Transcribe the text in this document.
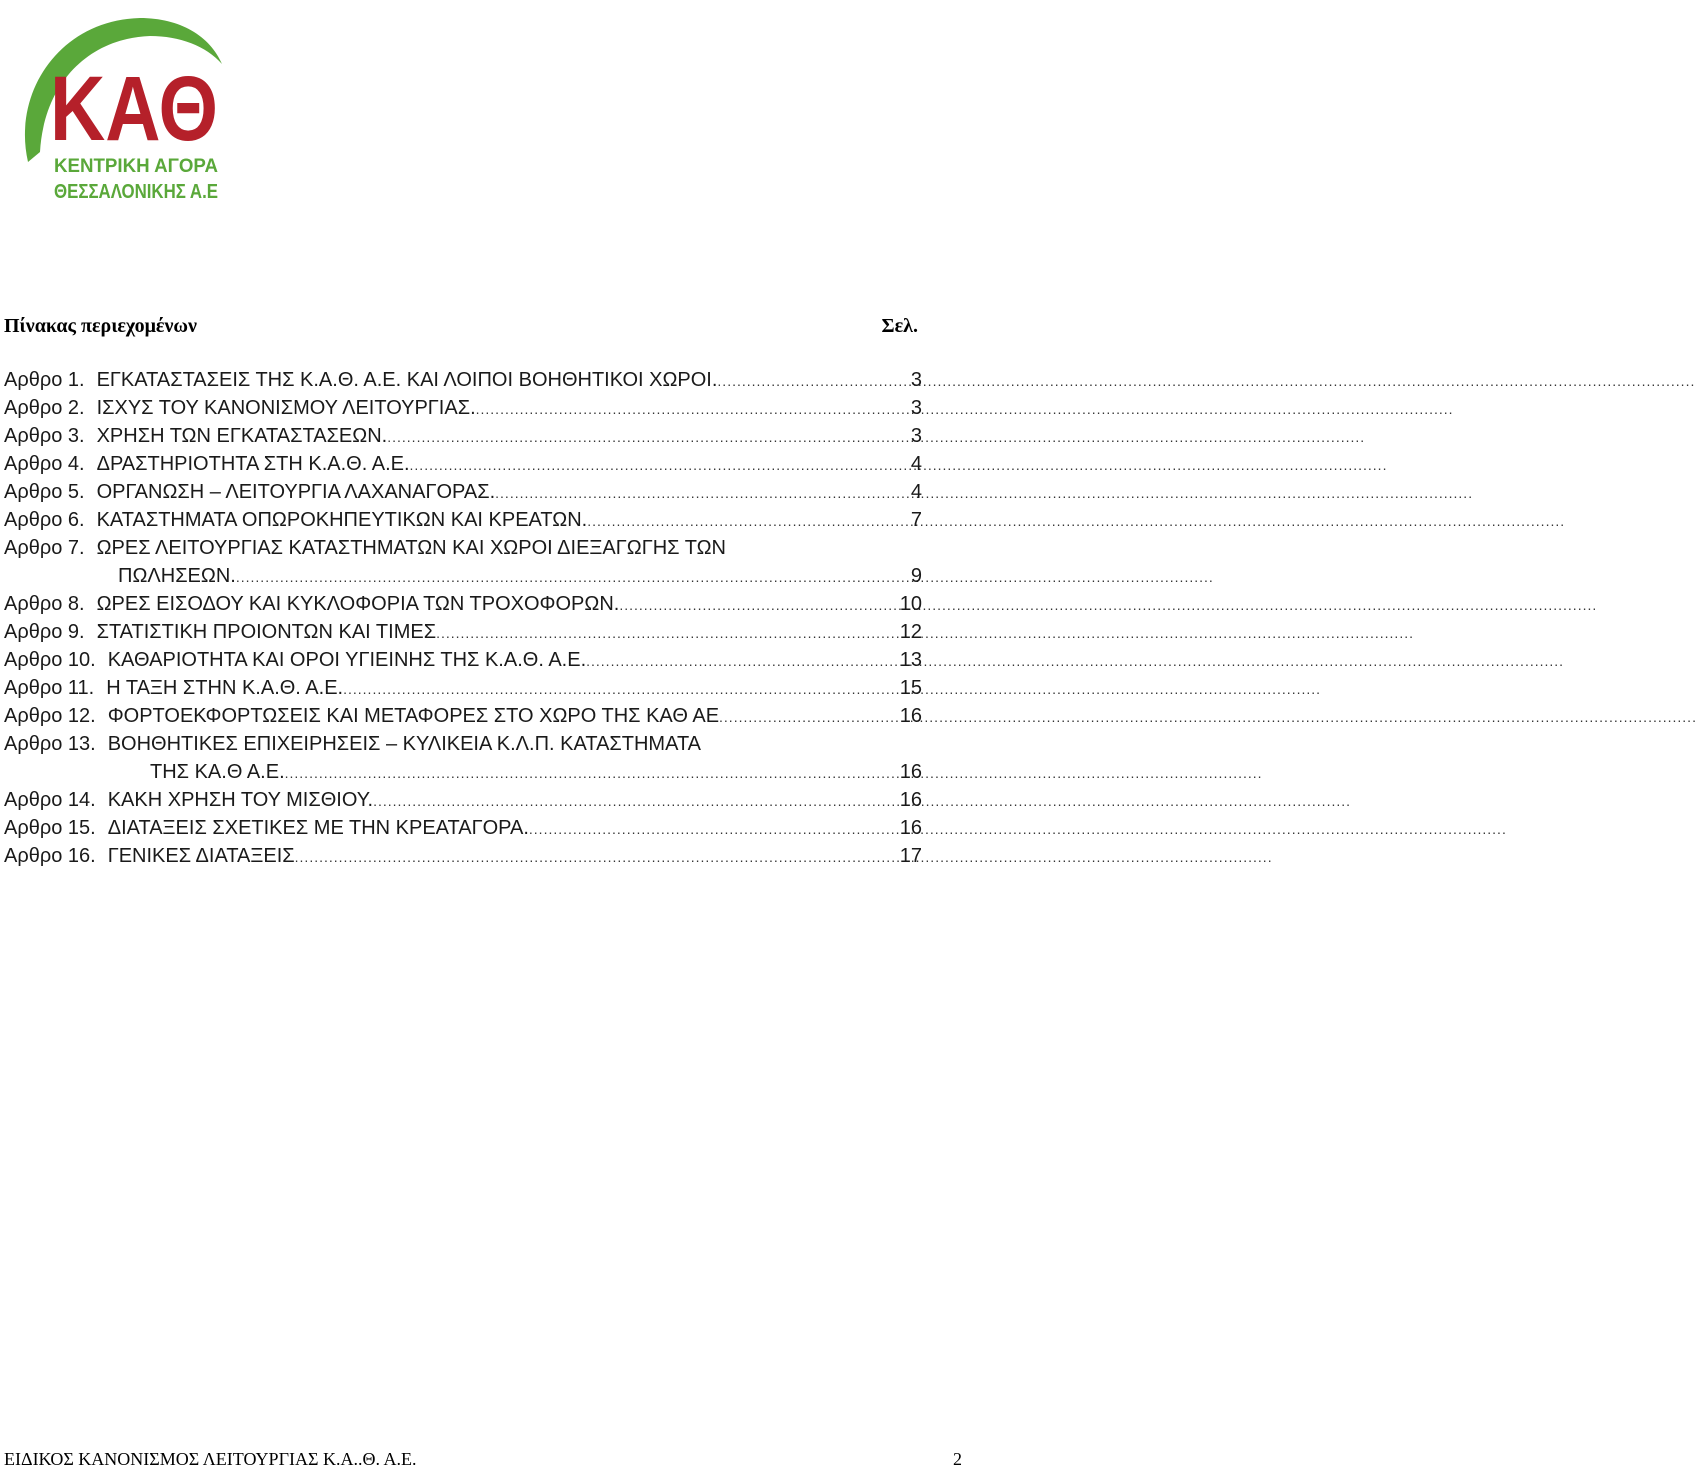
ΚΑΘ
ΚΕΝΤΡΙΚΗ ΑΓΟΡΑ
ΘΕΣΣΑΛΟΝΙΚΗΣ Α.Ε
Πίνακας περιεχομένων	Σελ.
Αρθρο 1. ΕΓΚΑΤΑΣΤΑΣΕΙΣ ΤΗΣ Κ.Α.Θ. Α.Ε. ΚΑΙ ΛΟΙΠΟΙ ΒΟΗΘΗΤΙΚΟΙ ΧΩΡΟΙ. .....	3
Αρθρο 2. ΙΣΧΥΣ ΤΟΥ ΚΑΝΟΝΙΣΜΟΥ ΛΕΙΤΟΥΡΓΙΑΣ. .....	3
Αρθρο 3. ΧΡΗΣΗ ΤΩΝ ΕΓΚΑΤΑΣΤΑΣΕΩΝ. .....	3
Αρθρο 4. ΔΡΑΣΤΗΡΙΟΤΗΤΑ ΣΤΗ Κ.Α.Θ. Α.Ε. .....	4
Αρθρο 5. ΟΡΓΑΝΩΣΗ – ΛΕΙΤΟΥΡΓΙΑ ΛΑΧΑΝΑΓΟΡΑΣ. .....	4
Αρθρο 6. ΚΑΤΑΣΤΗΜΑΤΑ ΟΠΩΡΟΚΗΠΕΥΤΙΚΩΝ ΚΑΙ ΚΡΕΑΤΩΝ. .....	7
Αρθρο 7. ΩΡΕΣ ΛΕΙΤΟΥΡΓΙΑΣ ΚΑΤΑΣΤΗΜΑΤΩΝ ΚΑΙ ΧΩΡΟΙ ΔΙΕΞΑΓΩΓΗΣ ΤΩΝ
ΠΩΛΗΣΕΩΝ. .....	9
Αρθρο 8. ΩΡΕΣ ΕΙΣΟΔΟΥ ΚΑΙ ΚΥΚΛΟΦΟΡΙΑ ΤΩΝ ΤΡΟΧΟΦΟΡΩΝ. .....	10
Αρθρο 9. ΣΤΑΤΙΣΤΙΚΗ ΠΡΟΙΟΝΤΩΝ ΚΑΙ ΤΙΜΕΣ .....	12
Αρθρο 10. ΚΑΘΑΡΙΟΤΗΤΑ ΚΑΙ ΟΡΟΙ ΥΓΙΕΙΝΗΣ ΤΗΣ Κ.Α.Θ. Α.Ε. .....	13
Αρθρο 11. Η ΤΑΞΗ ΣΤΗΝ Κ.Α.Θ. Α.Ε. .....	15
Αρθρο 12. ΦΟΡΤΟΕΚΦΟΡΤΩΣΕΙΣ ΚΑΙ ΜΕΤΑΦΟΡΕΣ ΣΤΟ ΧΩΡΟ ΤΗΣ ΚΑΘ ΑΕ .....	16
Αρθρο 13. ΒΟΗΘΗΤΙΚΕΣ ΕΠΙΧΕΙΡΗΣΕΙΣ – ΚΥΛΙΚΕΙΑ Κ.Λ.Π. ΚΑΤΑΣΤΗΜΑΤΑ
ΤΗΣ ΚΑ.Θ Α.Ε. .....	16
Αρθρο 14. ΚΑΚΗ ΧΡΗΣΗ ΤΟΥ ΜΙΣΘΙΟΥ. .....	16
Αρθρο 15. ΔΙΑΤΑΞΕΙΣ ΣΧΕΤΙΚΕΣ ΜΕ ΤΗΝ ΚΡΕΑΤΑΓΟΡΑ. .....	16
Αρθρο 16. ΓΕΝΙΚΕΣ ΔΙΑΤΑΞΕΙΣ .....	17
ΕΙΔΙΚΟΣ ΚΑΝΟΝΙΣΜΟΣ ΛΕΙΤΟΥΡΓΙΑΣ Κ.Α..Θ. Α.Ε.	2
